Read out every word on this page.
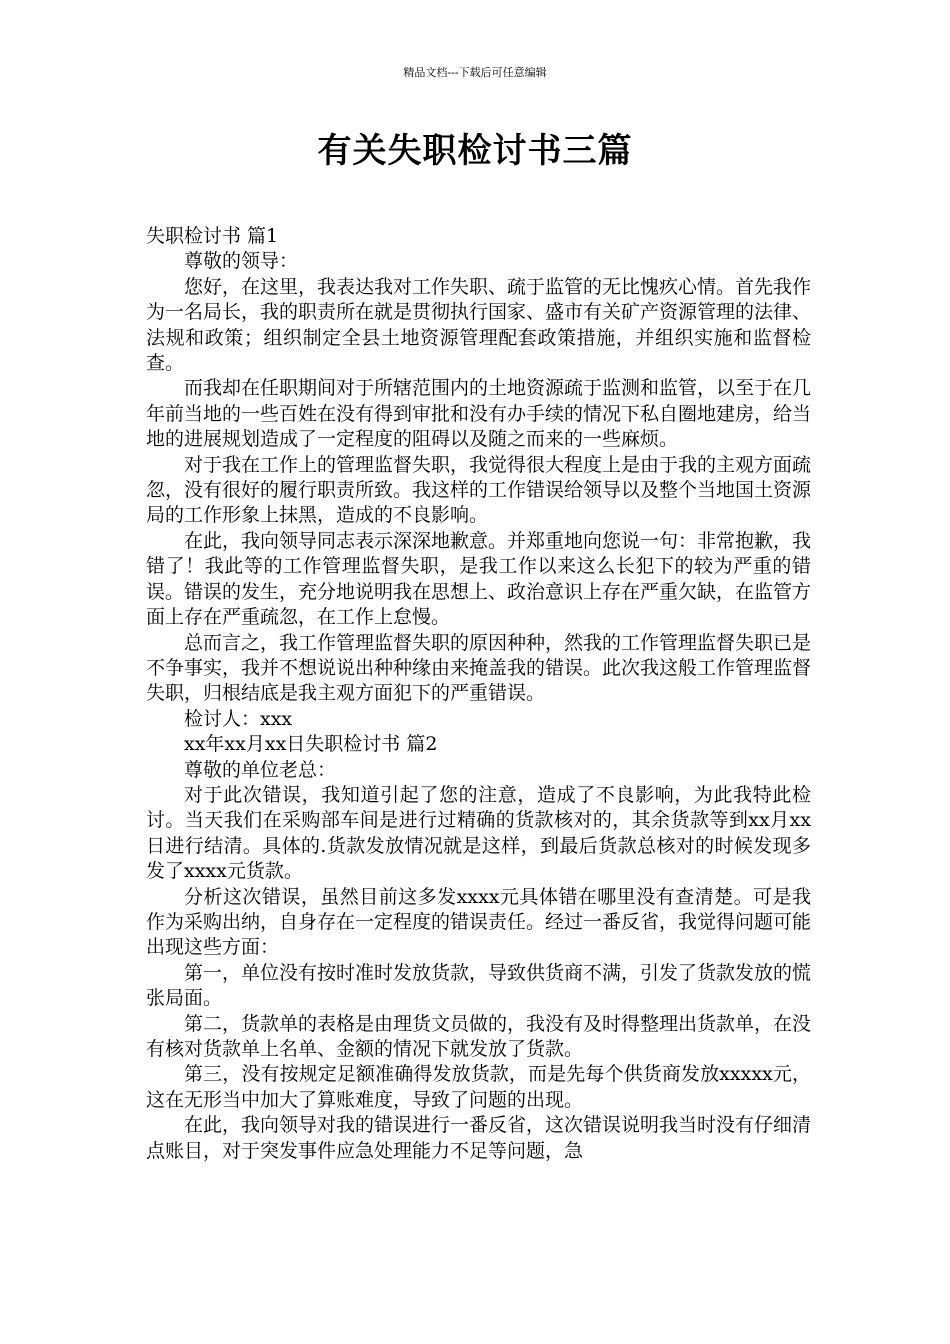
精品文档---下载后可任意编辑
有关失职检讨书三篇

失职检讨书 篇1

尊敬的领导：

您好，在这里，我表达我对工作失职、疏于监管的无比愧疚心情。首先我作为一名局长，我的职责所在就是贯彻执行国家、盛市有关矿产资源管理的法律、法规和政策；组织制定全县土地资源管理配套政策措施，并组织实施和监督检查。

而我却在任职期间对于所辖范围内的土地资源疏于监测和监管，以至于在几年前当地的一些百姓在没有得到审批和没有办手续的情况下私自圈地建房，给当地的进展规划造成了一定程度的阻碍以及随之而来的一些麻烦。

对于我在工作上的管理监督失职，我觉得很大程度上是由于我的主观方面疏忽，没有很好的履行职责所致。我这样的工作错误给领导以及整个当地国土资源局的工作形象上抹黑，造成的不良影响。

在此，我向领导同志表示深深地歉意。并郑重地向您说一句：非常抱歉，我错了！我此等的工作管理监督失职，是我工作以来这么长犯下的较为严重的错误。错误的发生，充分地说明我在思想上、政治意识上存在严重欠缺，在监管方面上存在严重疏忽，在工作上怠慢。

总而言之，我工作管理监督失职的原因种种，然我的工作管理监督失职已是不争事实，我并不想说说出种种缘由来掩盖我的错误。此次我这般工作管理监督失职，归根结底是我主观方面犯下的严重错误。

检讨人：xxx

xx年xx月xx日失职检讨书 篇2

尊敬的单位老总：

对于此次错误，我知道引起了您的注意，造成了不良影响，为此我特此检讨。当天我们在采购部车间是进行过精确的货款核对的，其余货款等到xx月xx日进行结清。具体的.货款发放情况就是这样，到最后货款总核对的时候发现多发了xxxx元货款。

分析这次错误，虽然目前这多发xxxx元具体错在哪里没有查清楚。可是我作为采购出纳，自身存在一定程度的错误责任。经过一番反省，我觉得问题可能出现这些方面：

第一，单位没有按时准时发放货款，导致供货商不满，引发了货款发放的慌张局面。

第二，货款单的表格是由理货文员做的，我没有及时得整理出货款单，在没有核对货款单上名单、金额的情况下就发放了货款。

第三，没有按规定足额准确得发放货款，而是先每个供货商发放xxxxx元，这在无形当中加大了算账难度，导致了问题的出现。

在此，我向领导对我的错误进行一番反省，这次错误说明我当时没有仔细清点账目，对于突发事件应急处理能力不足等问题，急
